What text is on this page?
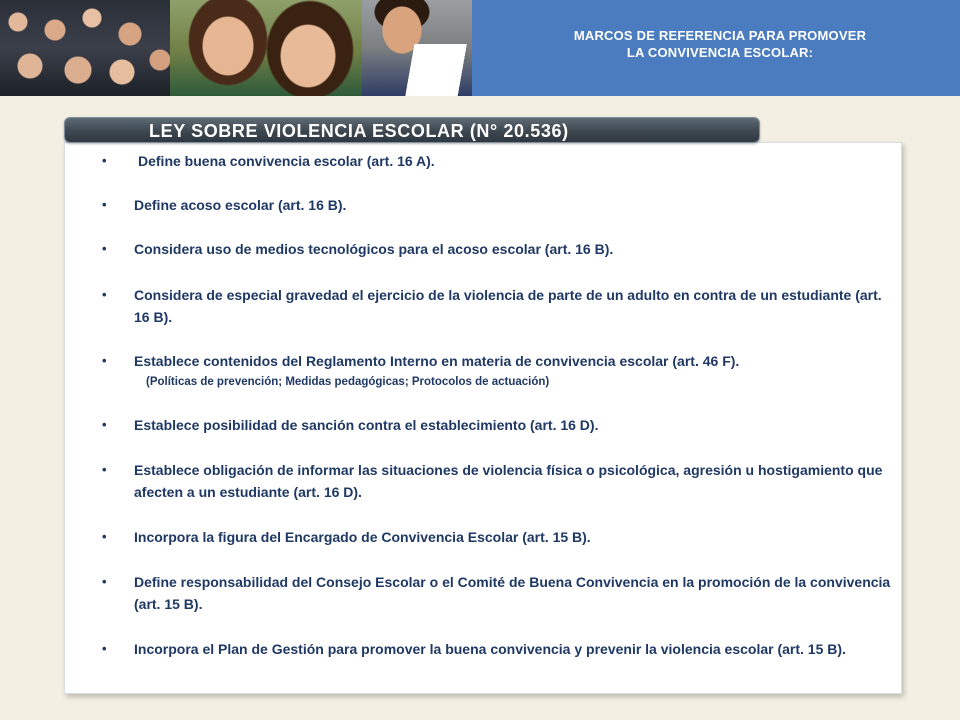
MARCOS DE REFERENCIA PARA PROMOVER
LA CONVIVENCIA ESCOLAR:
LEY SOBRE VIOLENCIA ESCOLAR (N° 20.536)
• Define buena convivencia escolar (art. 16 A).
• Define acoso escolar (art. 16 B).
• Considera uso de medios tecnológicos para el acoso escolar (art. 16 B).
• Considera de especial gravedad el ejercicio de la violencia de parte de un adulto en contra de un estudiante (art. 16 B).
• Establece contenidos del Reglamento Interno en materia de convivencia escolar (art. 46 F).
(Políticas de prevención; Medidas pedagógicas; Protocolos de actuación)
• Establece posibilidad de sanción contra el establecimiento (art. 16 D).
• Establece obligación de informar las situaciones de violencia física o psicológica, agresión u hostigamiento que afecten a un estudiante (art. 16 D).
• Incorpora la figura del Encargado de Convivencia Escolar (art. 15 B).
• Define responsabilidad del Consejo Escolar o el Comité de Buena Convivencia en la promoción de la convivencia (art. 15 B).
• Incorpora el Plan de Gestión para promover la buena convivencia y prevenir la violencia escolar (art. 15 B).
